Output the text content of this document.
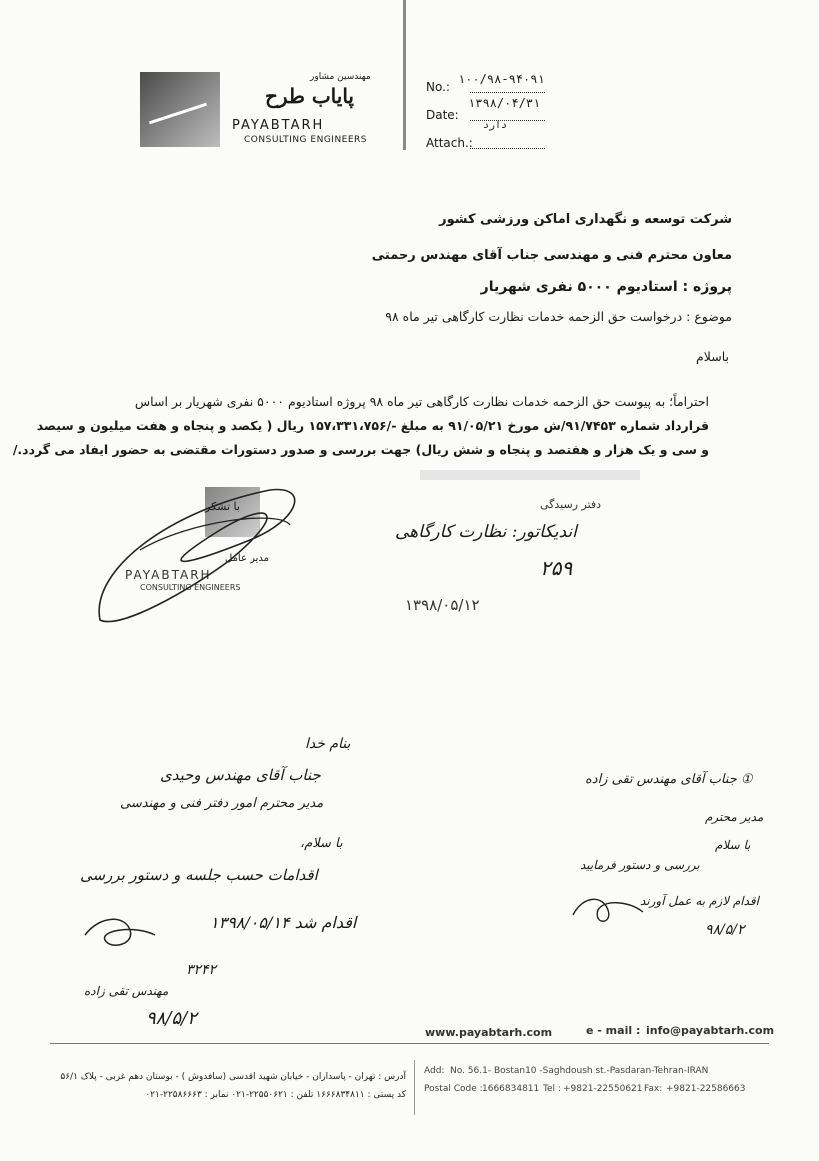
مهندسین مشاور
پایاب طرح
PAYABTARH
CONSULTING ENGINEERS
No.:
۱۰۰/۹۸-۹۴۰۹۱
Date:
۱۳۹۸/۰۴/۳۱
Attach.:
دارد
شرکت توسعه و نگهداری اماکن ورزشی کشور
معاون محترم فنی و مهندسی جناب آقای مهندس رحمتی
پروژه : استادیوم ۵۰۰۰ نفری شهریار
موضوع : درخواست حق الزحمه خدمات نظارت کارگاهی تیر ماه ۹۸
باسلام
احتراماً؛ به پیوست حق الزحمه خدمات نظارت کارگاهی تیر ماه ۹۸ پروژه استادیوم ۵۰۰۰ نفری شهریار بر اساس
قرارداد شماره ۹۱/۷۴۵۳/ش مورخ ۹۱/۰۵/۲۱ به مبلغ -/۱۵۷،۳۳۱،۷۵۶ ریال ( یکصد و پنجاه و هفت میلیون و سیصد
و سی و یک هزار و هفتصد و پنجاه و شش ریال) جهت بررسی و صدور دستورات مقتضی به حضور ایفاد می گردد./
با تشکر
مدیر عامل
PAYABTARH
CONSULTING ENGINEERS
دفتر رسیدگی
اندیکاتور: نظارت کارگاهی
۲۵۹
۱۳۹۸/۰۵/۱۲
بنام خدا
جناب آقای مهندس وحیدی
مدیر محترم امور دفتر فنی و مهندسی
با سلام،
اقدامات حسب جلسه و دستور بررسی
اقدام شد ۱۳۹۸/۰۵/۱۴
۳۲۴۲
مهندس تقی زاده
۹۸/۵/۲
① جناب آقای مهندس تقی زاده
مدیر محترم
با سلام
بررسی و دستور فرمایید
اقدام لازم به عمل آورند
۹۸/۵/۲
www.payabtarh.com	e - mail : info@payabtarh.com
Add: No. 56.1- Bostan10 -Saghdoush st.-Pasdaran-Tehran-IRAN
Postal Code : 1666834811 Tel : +9821-22550621 Fax: +9821-22586663
آدرس : تهران - پاسداران - خیابان شهید اقدسی (سافدوش ) - بوستان دهم غربی - پلاک ۵۶/۱
کد پستی : ۱۶۶۶۸۳۴۸۱۱ تلفن : ۲۲۵۵۰۶۲۱-۰۲۱ نمابر : ۲۲۵۸۶۶۶۳-۰۲۱
